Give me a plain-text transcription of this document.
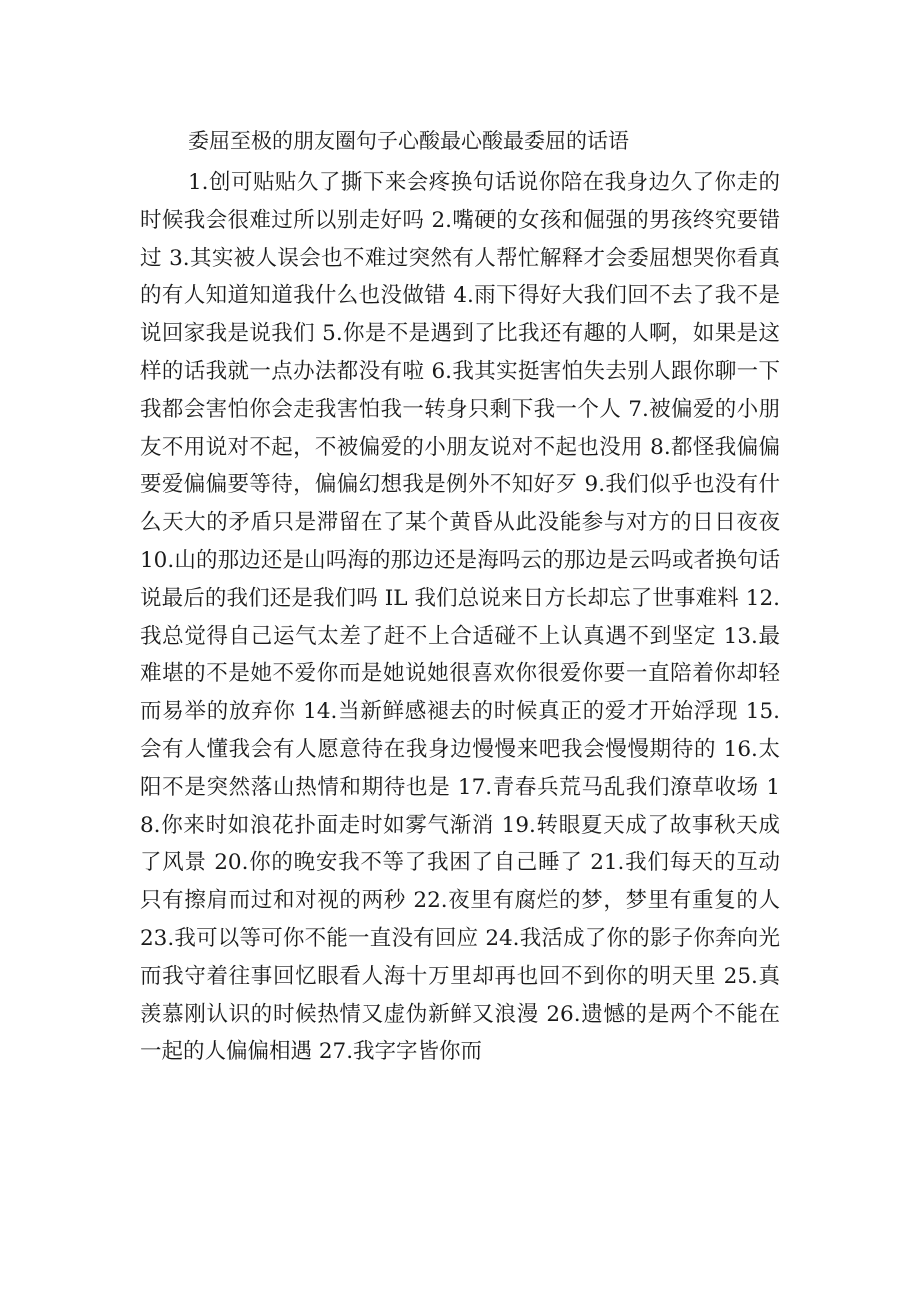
委屈至极的朋友圈句子心酸最心酸最委屈的话语

1.创可贴贴久了撕下来会疼换句话说你陪在我身边久了你走的时候我会很难过所以别走好吗 2.嘴硬的女孩和倔强的男孩终究要错过 3.其实被人误会也不难过突然有人帮忙解释才会委屈想哭你看真的有人知道知道我什么也没做错 4.雨下得好大我们回不去了我不是说回家我是说我们 5.你是不是遇到了比我还有趣的人啊，如果是这样的话我就一点办法都没有啦 6.我其实挺害怕失去别人跟你聊一下我都会害怕你会走我害怕我一转身只剩下我一个人 7.被偏爱的小朋友不用说对不起，不被偏爱的小朋友说对不起也没用 8.都怪我偏偏要爱偏偏要等待，偏偏幻想我是例外不知好歹 9.我们似乎也没有什么天大的矛盾只是滞留在了某个黄昏从此没能参与对方的日日夜夜 10.山的那边还是山吗海的那边还是海吗云的那边是云吗或者换句话说最后的我们还是我们吗 IL 我们总说来日方长却忘了世事难料 12.我总觉得自己运气太差了赶不上合适碰不上认真遇不到坚定 13.最难堪的不是她不爱你而是她说她很喜欢你很爱你要一直陪着你却轻而易举的放弃你 14.当新鲜感褪去的时候真正的爱才开始浮现 15.会有人懂我会有人愿意待在我身边慢慢来吧我会慢慢期待的 16.太阳不是突然落山热情和期待也是 17.青春兵荒马乱我们潦草收场 18.你来时如浪花扑面走时如雾气渐消 19.转眼夏天成了故事秋天成了风景 20.你的晚安我不等了我困了自己睡了 21.我们每天的互动只有擦肩而过和对视的两秒 22.夜里有腐烂的梦，梦里有重复的人 23.我可以等可你不能一直没有回应 24.我活成了你的影子你奔向光而我守着往事回忆眼看人海十万里却再也回不到你的明天里 25.真羡慕刚认识的时候热情又虚伪新鲜又浪漫 26.遗憾的是两个不能在一起的人偏偏相遇 27.我字字皆你而
